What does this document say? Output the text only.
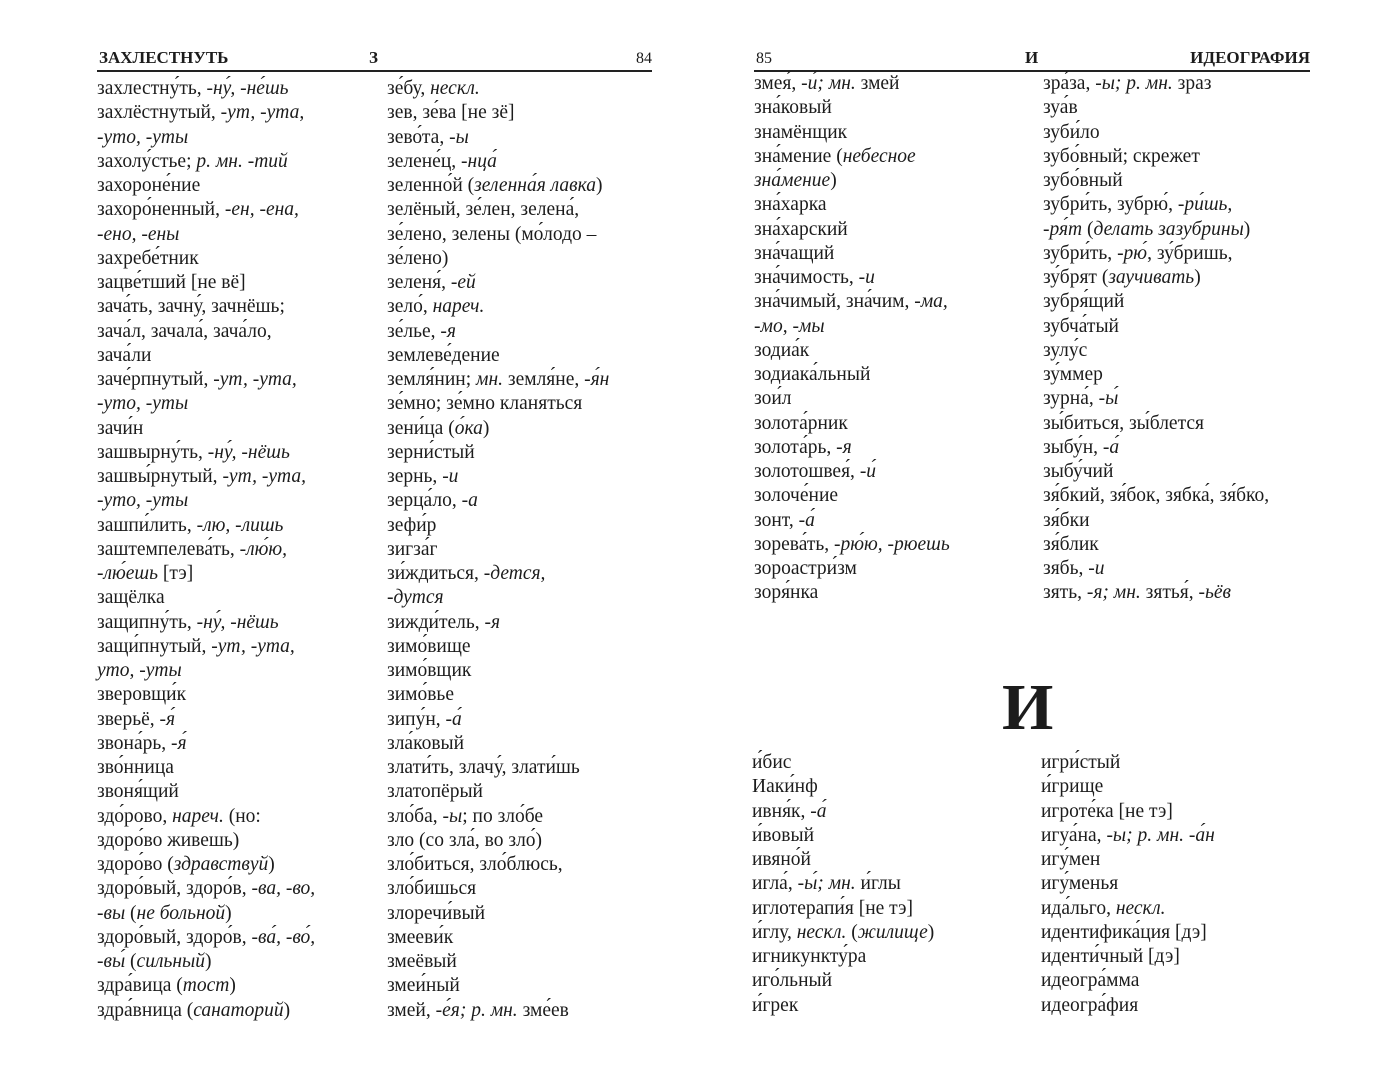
ЗАХЛЕСТНУТЬ	З	84	85	И	ИДЕОГРАФИЯ
захлестну́ть, -ну́, -не́шь
захлёстнутый, -ут, -ута,
-уто, -уты
захолу́стье; р. мн. -тий
захороне́ние
захоро́ненный, -ен, -ена,
-ено, -ены
захребе́тник
зацве́тший [не вё]
зача́ть, зачну́, зачнёшь;
зача́л, зачала́, зача́ло,
зача́ли
заче́рпнутый, -ут, -ута,
-уто, -уты
зачи́н
зашвырну́ть, -ну́, -нёшь
зашвы́рнутый, -ут, -ута,
-уто, -уты
зашпи́лить, -лю, -лишь
заштемпелева́ть, -лю́ю,
-лю́ешь [тэ]
защёлка
защипну́ть, -ну́, -нёшь
защи́пнутый, -ут, -ута,
уто, -уты
зверовщи́к
зверьё, -я́
звона́рь, -я́
зво́нница
звоня́щий
здо́рово, нареч. (но:
здоро́во живешь)
здоро́во (здравствуй)
здоро́вый, здоро́в, -ва, -во,
-вы (не больной)
здоро́вый, здоро́в, -ва́, -во́,
-вы́ (сильный)
здра́вица (тост)
здра́вница (санаторий)
зе́бу, нескл.
зев, зе́ва [не зё]
зево́та, -ы
зелене́ц, -нца́
зеленно́й (зеленна́я лавка)
зелёный, зе́лен, зелена́,
зе́лено, зелены (мо́лодо –
зе́лено)
зеленя́, -ей
зело́, нареч.
зе́лье, -я
землеве́дение
земля́нин; мн. земля́не, -я́н
зе́мно; зе́мно кланяться
зени́ца (о́ка)
зерни́стый
зернь, -и
зерца́ло, -а
зефи́р
зигза́г
зи́ждиться, -дется,
-дутся
зижди́тель, -я
зимо́вище
зимо́вщик
зимо́вье
зипу́н, -а́
зла́ковый
злати́ть, злачу́, злати́шь
златопёрый
зло́ба, -ы; по зло́бе
зло (со зла́, во зло́)
зло́биться, зло́блюсь,
зло́бишься
злоречи́вый
змееви́к
змеёвый
змеи́ный
змей, -е́я; р. мн. зме́ев
змея́, -и́; мн. змей
зна́ковый
знамёнщик
зна́мение (небесное
зна́мение)
зна́харка
зна́харский
зна́чащий
зна́чимость, -и
зна́чимый, зна́чим, -ма,
-мо, -мы
зодиа́к
зодиака́льный
зои́л
золота́рник
золота́рь, -я
золотошвея́, -и́
золоче́ние
зонт, -а́
зорева́ть, -рю́ю, -рюешь
зороастри́зм
зоря́нка
зра́за, -ы; р. мн. зраз
зуа́в
зуби́ло
зубо́вный; скрежет
зубо́вный
зубри́ть, зубрю́, -ри́шь,
-ря́т (делать зазубрины)
зубри́ть, -рю́, зу́бришь,
зу́брят (заучивать)
зубря́щий
зубча́тый
зулу́с
зу́ммер
зурна́, -ы́
зы́биться, зы́блется
зыбу́н, -а́
зыбу́чий
зя́бкий, зя́бок, зябка́, зя́бко,
зя́бки
зя́блик
зябь, -и
зять, -я; мн. зятья́, -ьёв
И
и́бис
Иаки́нф
ивня́к, -а́
и́вовый
ивяно́й
игла́, -ы́; мн. и́глы
иглотерапи́я [не тэ]
и́глу, нескл. (жилище)
игникункту́ра
иго́льный
и́грек
игри́стый
и́грище
игроте́ка [не тэ]
игуа́на, -ы; р. мн. -а́н
игу́мен
игу́менья
ида́льго, нескл.
идентифика́ция [дэ]
иденти́чный [дэ]
идеогра́мма
идеогра́фия
